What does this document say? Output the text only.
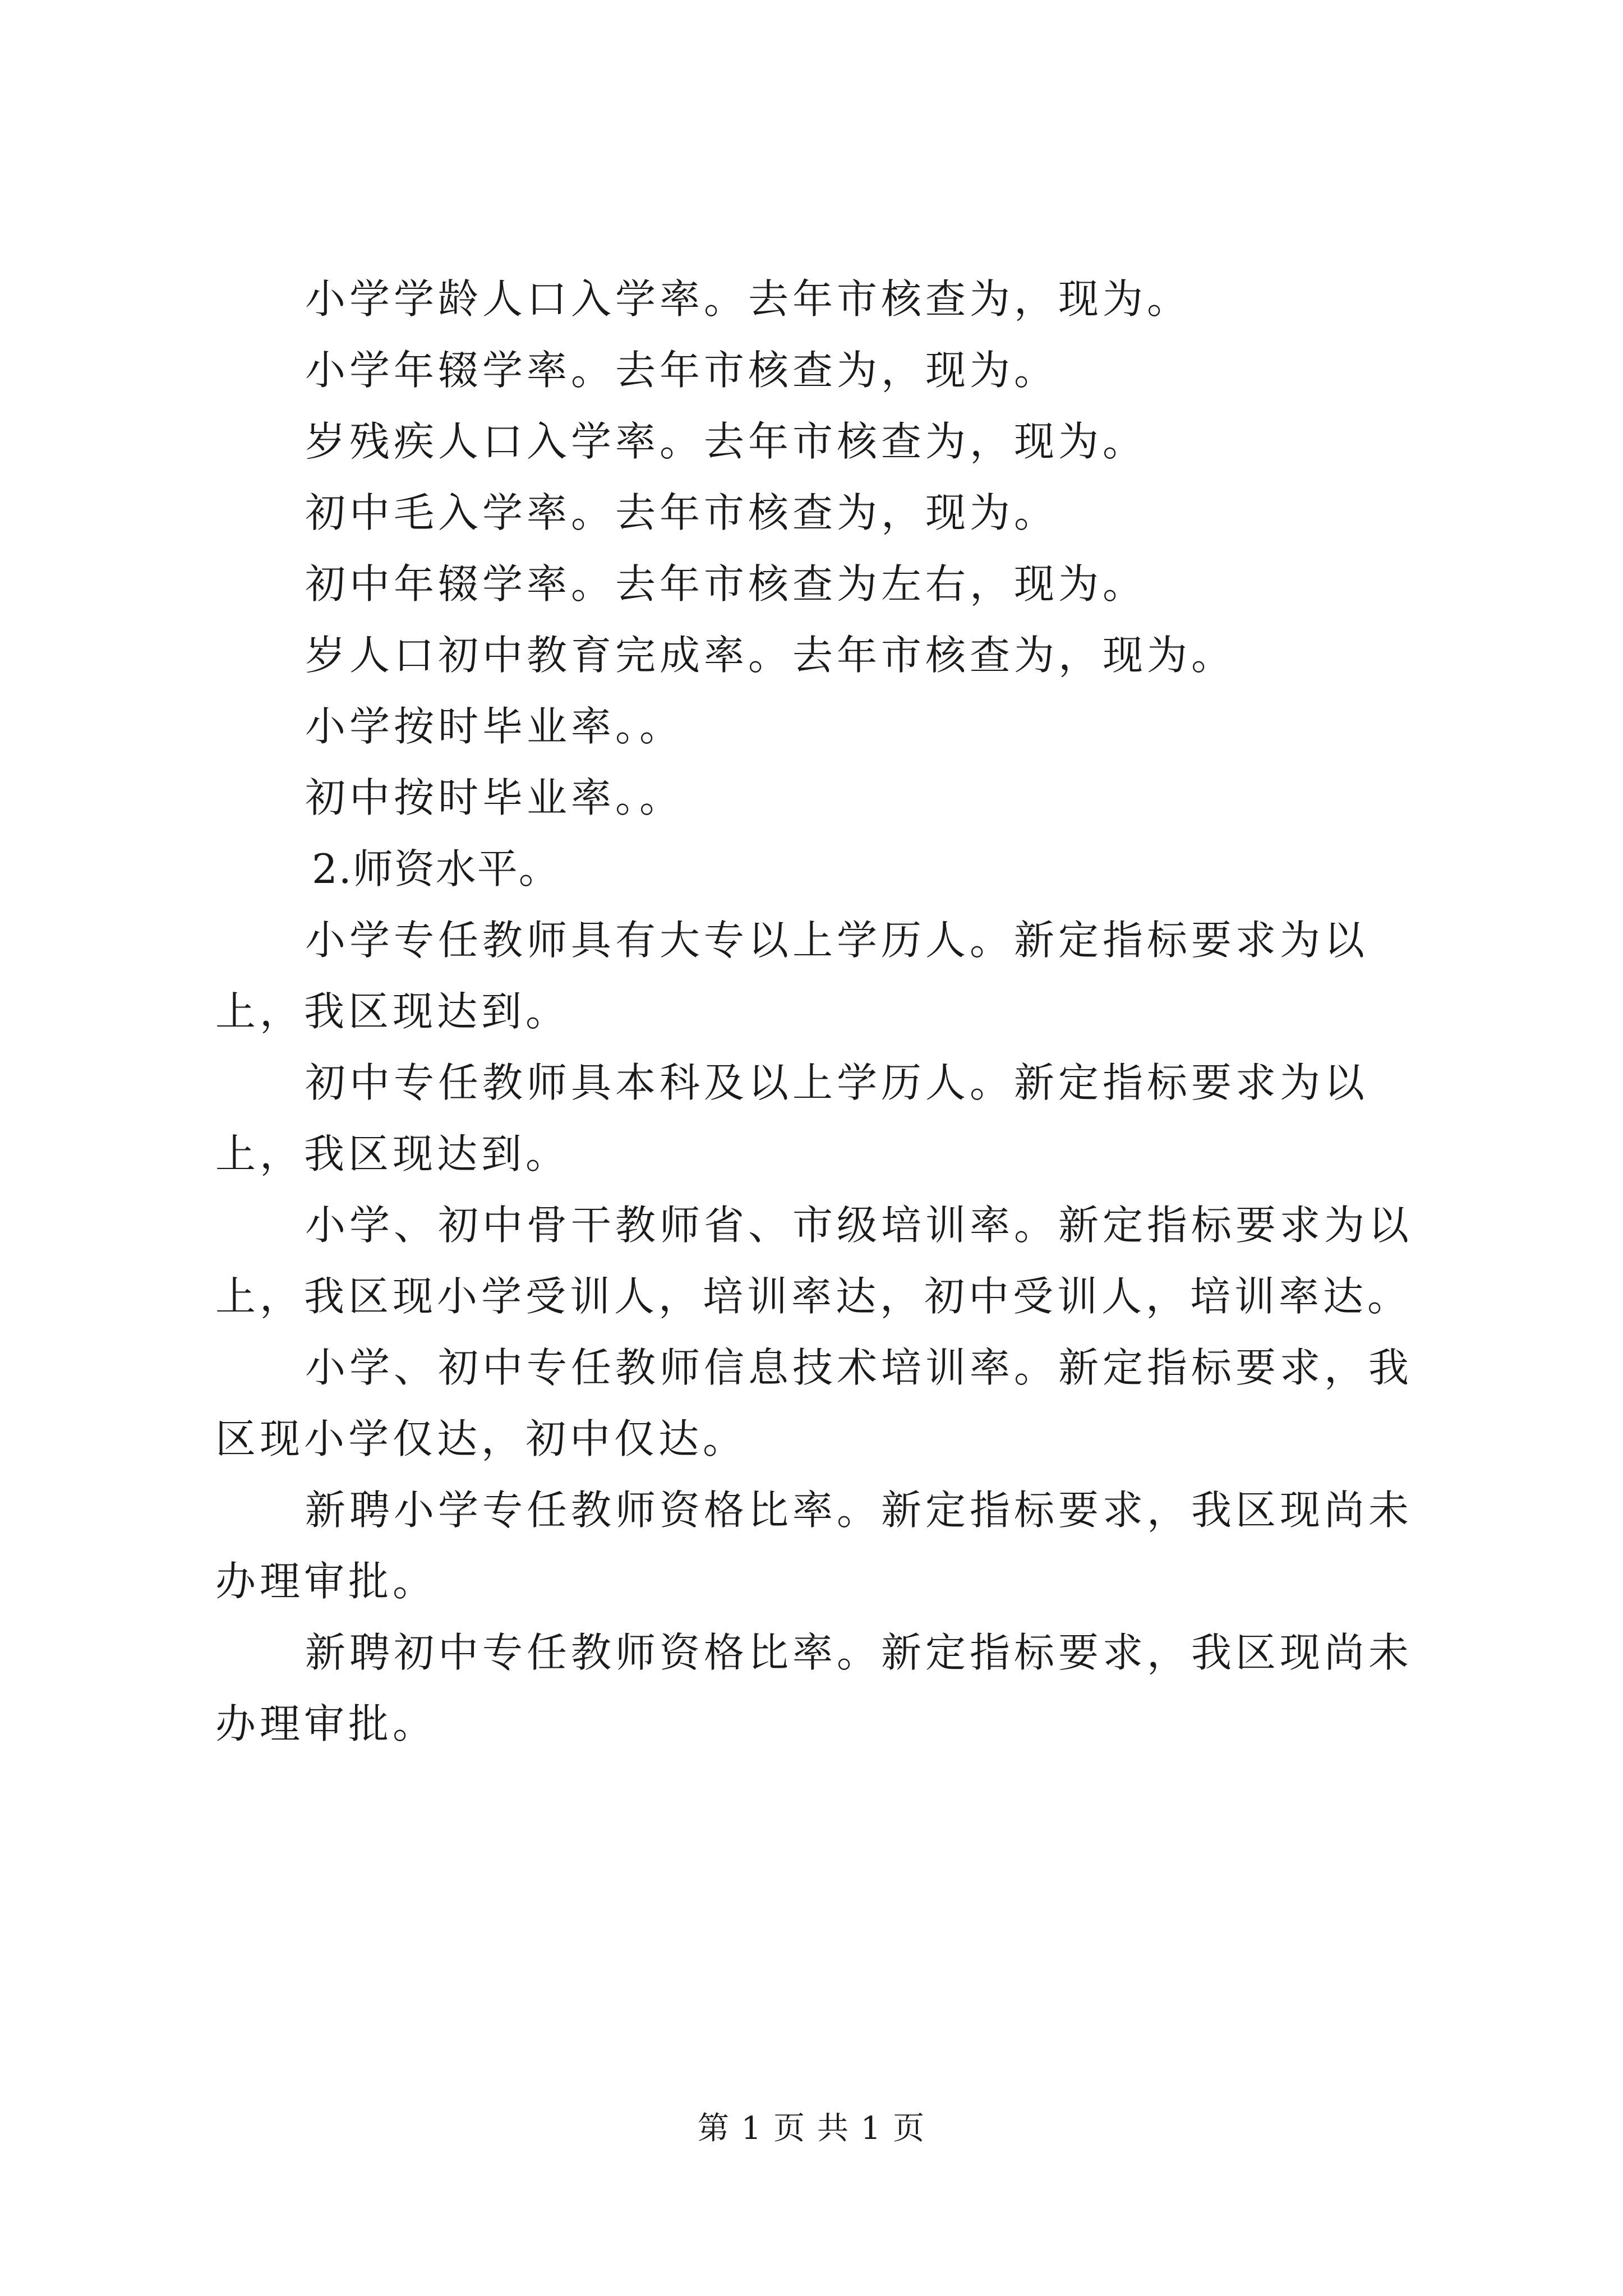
小学学龄人口入学率。去年市核查为，现为。

小学年辍学率。去年市核查为，现为。

岁残疾人口入学率。去年市核查为，现为。

初中毛入学率。去年市核查为，现为。

初中年辍学率。去年市核查为左右，现为。

岁人口初中教育完成率。去年市核查为，现为。

小学按时毕业率。。

初中按时毕业率。。

2.师资水平。

小学专任教师具有大专以上学历人。新定指标要求为以上，我区现达到。

初中专任教师具本科及以上学历人。新定指标要求为以上，我区现达到。

小学、初中骨干教师省、市级培训率。新定指标要求为以上，我区现小学受训人，培训率达，初中受训人，培训率达。

小学、初中专任教师信息技术培训率。新定指标要求，我区现小学仅达，初中仅达。

新聘小学专任教师资格比率。新定指标要求，我区现尚未办理审批。

新聘初中专任教师资格比率。新定指标要求，我区现尚未办理审批。

第 1 页 共 1 页
